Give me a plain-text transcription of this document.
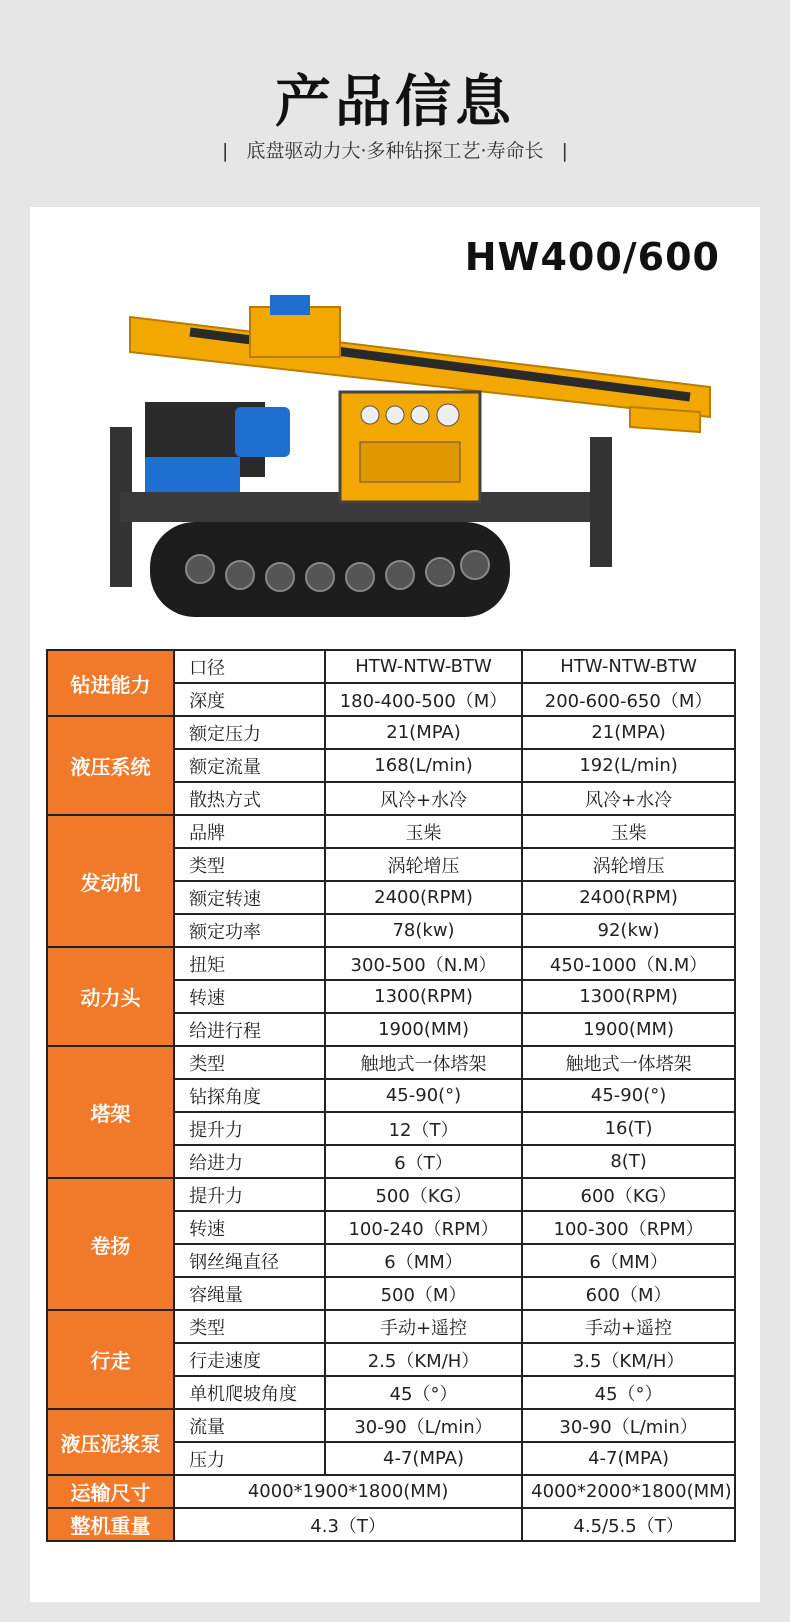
产品信息
| 底盘驱动力大·多种钻探工艺·寿命长 |
HW400/600
钻进能力	口径	HTW-NTW-BTW	HTW-NTW-BTW
	深度	180-400-500（M）	200-600-650（M）
液压系统	额定压力	21(MPA)	21(MPA)
	额定流量	168(L/min)	192(L/min)
	散热方式	风冷+水冷	风冷+水冷
发动机	品牌	玉柴	玉柴
	类型	涡轮增压	涡轮增压
	额定转速	2400(RPM)	2400(RPM)
	额定功率	78(kw)	92(kw)
动力头	扭矩	300-500（N.M）	450-1000（N.M）
	转速	1300(RPM)	1300(RPM)
	给进行程	1900(MM)	1900(MM)
塔架	类型	触地式一体塔架	触地式一体塔架
	钻探角度	45-90(°)	45-90(°)
	提升力	12（T）	16(T)
	给进力	6（T）	8(T)
卷扬	提升力	500（KG）	600（KG）
	转速	100-240（RPM）	100-300（RPM）
	钢丝绳直径	6（MM）	6（MM）
	容绳量	500（M）	600（M）
行走	类型	手动+遥控	手动+遥控
	行走速度	2.5（KM/H）	3.5（KM/H）
	单机爬坡角度	45（°）	45（°）
液压泥浆泵	流量	30-90（L/min）	30-90（L/min）
	压力	4-7(MPA)	4-7(MPA)
运输尺寸	4000*1900*1800(MM)		4000*2000*1800(MM)
整机重量	4.3（T）		4.5/5.5（T）
